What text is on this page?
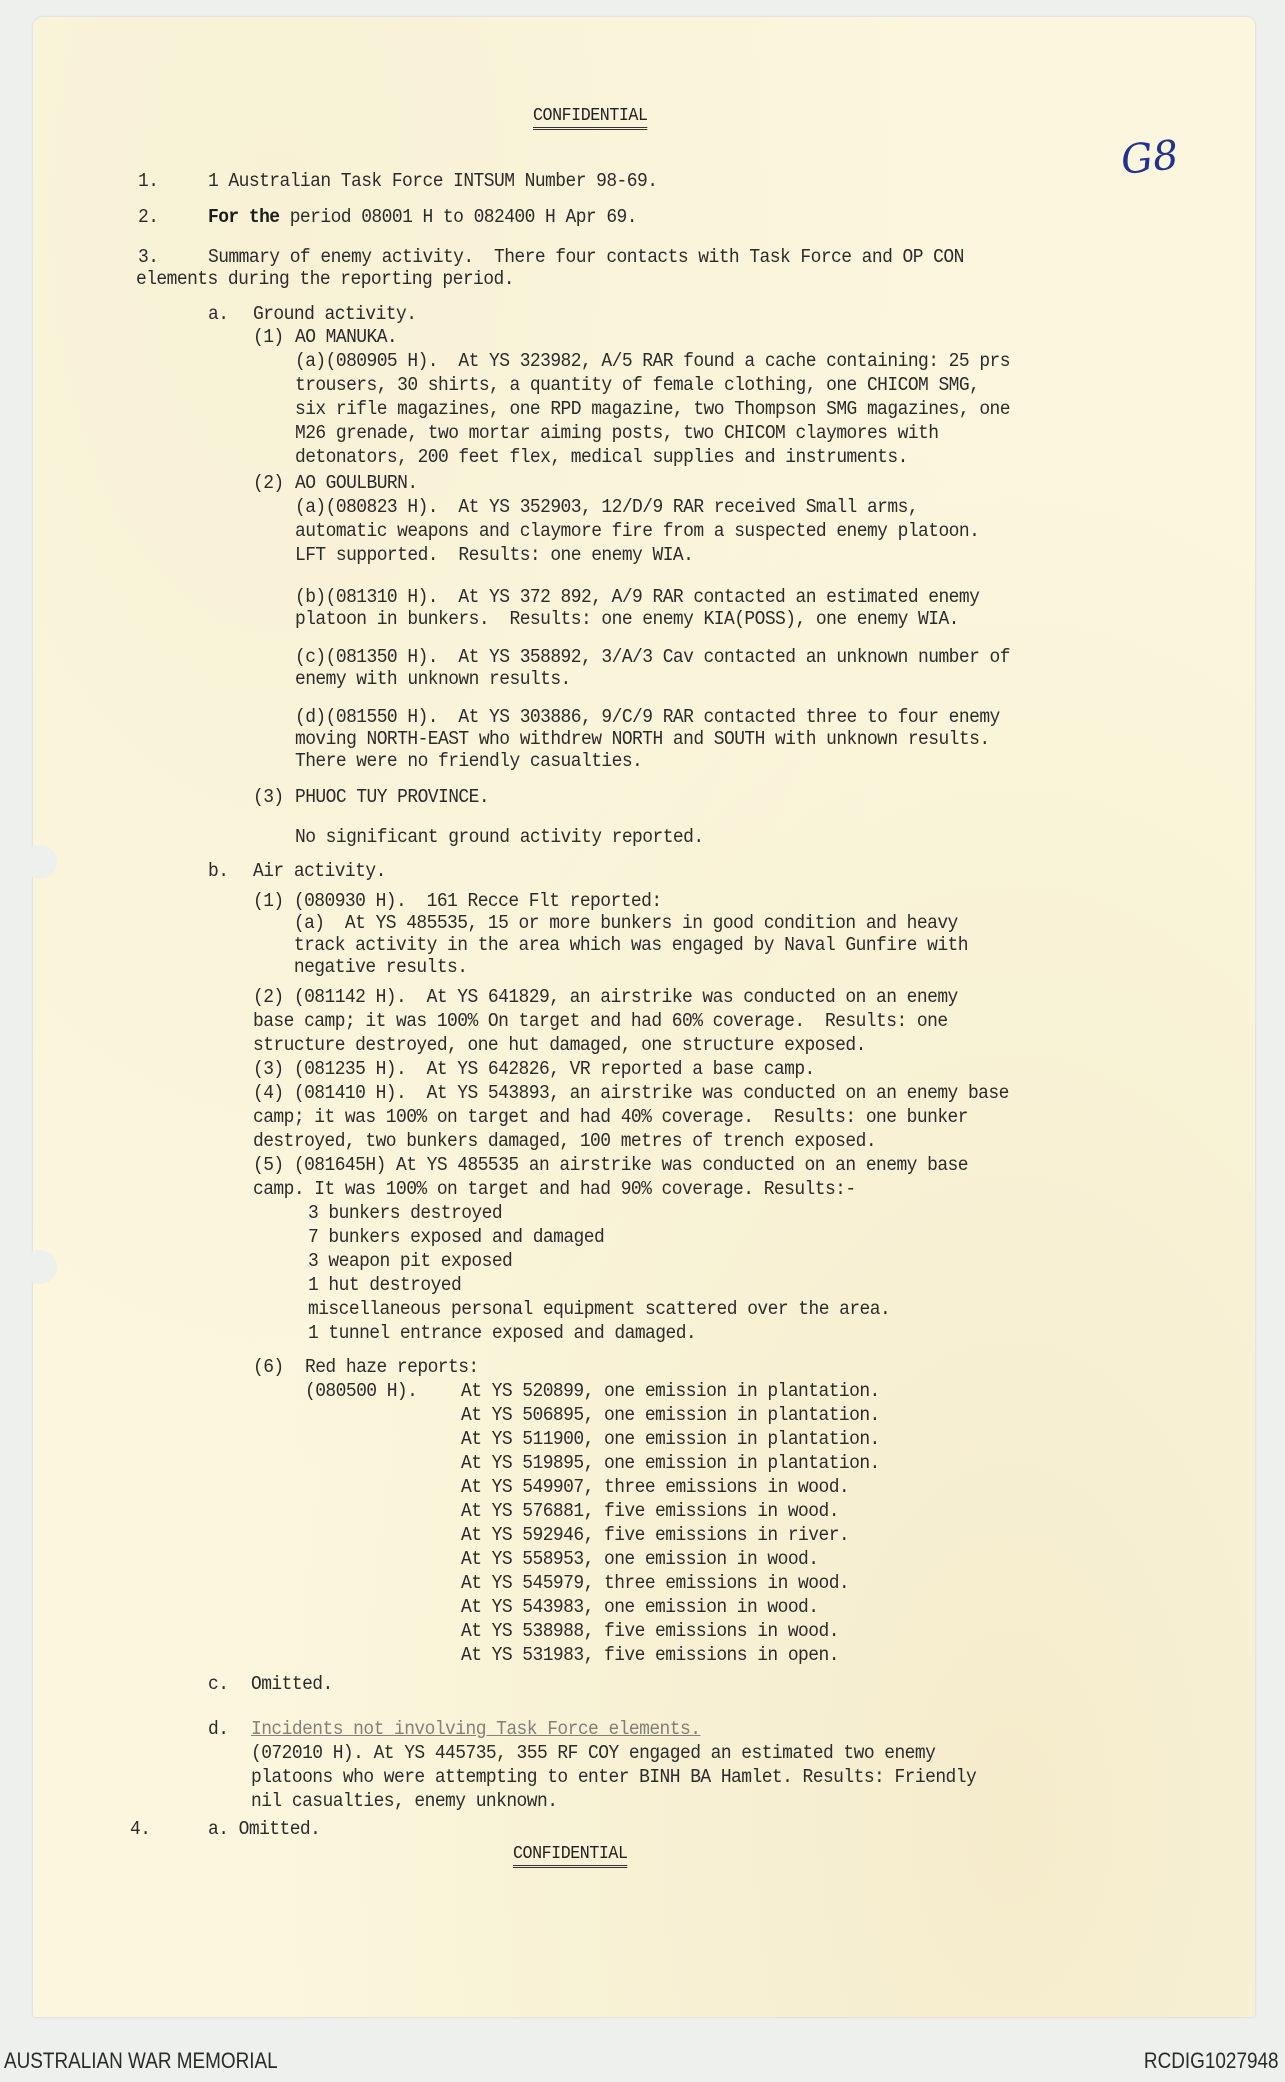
CONFIDENTIAL
G8
1.	1 Australian Task Force INTSUM Number 98-69.
2.	For the period 08001 H to 082400 H Apr 69.
3.	Summary of enemy activity.  There four contacts with Task Force and OP CON
elements during the reporting period.
a. Ground activity.
(1) AO MANUKA.
(2) AO GOULBURN.
(3) PHUOC TUY PROVINCE.
No significant ground activity reported.
b. Air activity.
(6) Red haze reports:
(080500 H).
c. Omitted.
d. Incidents not involving Task Force elements.
4.	a. Omitted.
CONFIDENTIAL
(a)(080905 H).  At YS 323982, A/5 RAR found a cache containing: 25 prs
trousers, 30 shirts, a quantity of female clothing, one CHICOM SMG,
six rifle magazines, one RPD magazine, two Thompson SMG magazines, one
M26 grenade, two mortar aiming posts, two CHICOM claymores with
detonators, 200 feet flex, medical supplies and instruments.
(a)(080823 H).  At YS 352903, 12/D/9 RAR received Small arms,
automatic weapons and claymore fire from a suspected enemy platoon.
LFT supported.  Results: one enemy WIA.
(b)(081310 H).  At YS 372 892, A/9 RAR contacted an estimated enemy
platoon in bunkers.  Results: one enemy KIA(POSS), one enemy WIA.
(c)(081350 H).  At YS 358892, 3/A/3 Cav contacted an unknown number of
enemy with unknown results.
(d)(081550 H).  At YS 303886, 9/C/9 RAR contacted three to four enemy
moving NORTH-EAST who withdrew NORTH and SOUTH with unknown results.
There were no friendly casualties.
(1) (080930 H).  161 Recce Flt reported:
(a)  At YS 485535, 15 or more bunkers in good condition and heavy
track activity in the area which was engaged by Naval Gunfire with
negative results.
(2) (081142 H).  At YS 641829, an airstrike was conducted on an enemy
base camp; it was 100% On target and had 60% coverage.  Results: one
structure destroyed, one hut damaged, one structure exposed.
(3) (081235 H).  At YS 642826, VR reported a base camp.
(4) (081410 H).  At YS 543893, an airstrike was conducted on an enemy base
camp; it was 100% on target and had 40% coverage.  Results: one bunker
destroyed, two bunkers damaged, 100 metres of trench exposed.
(5) (081645H) At YS 485535 an airstrike was conducted on an enemy base
camp. It was 100% on target and had 90% coverage. Results:-
3 bunkers destroyed
7 bunkers exposed and damaged
3 weapon pit exposed
1 hut destroyed
miscellaneous personal equipment scattered over the area.
1 tunnel entrance exposed and damaged.
At YS 520899, one emission in plantation.
At YS 506895, one emission in plantation.
At YS 511900, one emission in plantation.
At YS 519895, one emission in plantation.
At YS 549907, three emissions in wood.
At YS 576881, five emissions in wood.
At YS 592946, five emissions in river.
At YS 558953, one emission in wood.
At YS 545979, three emissions in wood.
At YS 543983, one emission in wood.
At YS 538988, five emissions in wood.
At YS 531983, five emissions in open.
(072010 H). At YS 445735, 355 RF COY engaged an estimated two enemy
platoons who were attempting to enter BINH BA Hamlet. Results: Friendly
nil casualties, enemy unknown.
AUSTRALIAN WAR MEMORIAL	RCDIG1027948
